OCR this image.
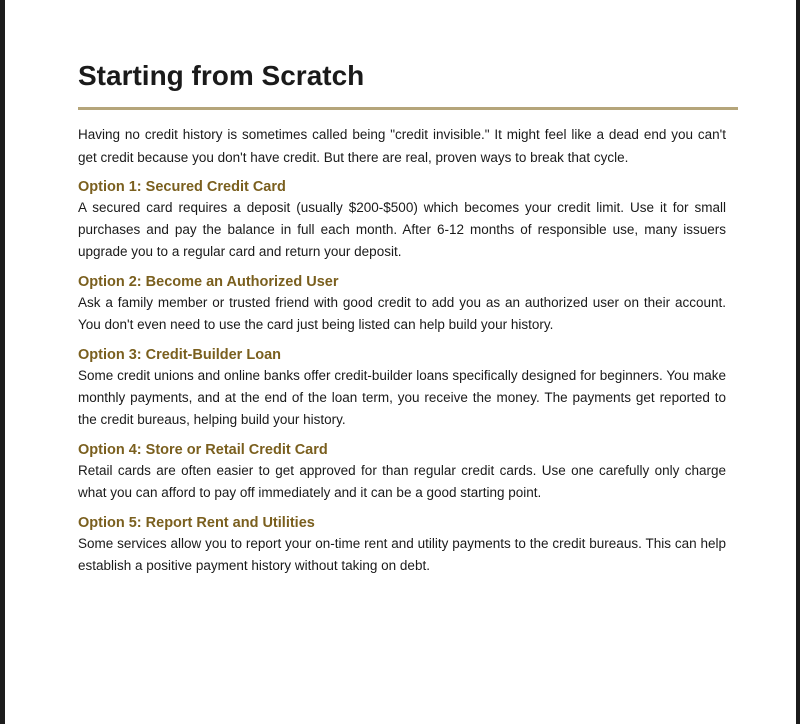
Starting from Scratch

Having no credit history is sometimes called being "credit invisible." It might feel like a dead end you can't get credit because you don't have credit. But there are real, proven ways to break that cycle.

Option 1: Secured Credit Card

A secured card requires a deposit (usually $200-$500) which becomes your credit limit. Use it for small purchases and pay the balance in full each month. After 6-12 months of responsible use, many issuers upgrade you to a regular card and return your deposit.

Option 2: Become an Authorized User

Ask a family member or trusted friend with good credit to add you as an authorized user on their account. You don't even need to use the card just being listed can help build your history.

Option 3: Credit-Builder Loan

Some credit unions and online banks offer credit-builder loans specifically designed for beginners. You make monthly payments, and at the end of the loan term, you receive the money. The payments get reported to the credit bureaus, helping build your history.

Option 4: Store or Retail Credit Card

Retail cards are often easier to get approved for than regular credit cards. Use one carefully only charge what you can afford to pay off immediately and it can be a good starting point.

Option 5: Report Rent and Utilities

Some services allow you to report your on-time rent and utility payments to the credit bureaus. This can help establish a positive payment history without taking on debt.
